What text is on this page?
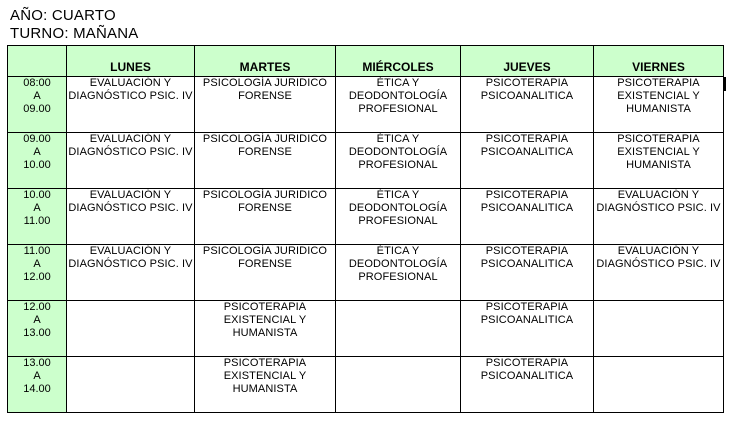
AÑO: CUARTO
TURNO: MAÑANA
	LUNES	MARTES	MIÉRCOLES	JUEVES	VIERNES
08:00
A
09.00	EVALUACIÓN Y DIAGNÓSTICO PSIC. IV	PSICOLOGÍA JURIDICO FORENSE	ÉTICA Y DEODONTOLOGÍA PROFESIONAL	PSICOTERAPIA PSICOANALITICA	PSICOTERAPIA EXISTENCIAL Y HUMANISTA
09.00
A
10.00	EVALUACIÓN Y DIAGNÓSTICO PSIC. IV	PSICOLOGÍA JURIDICO FORENSE	ÉTICA Y DEODONTOLOGÍA PROFESIONAL	PSICOTERAPIA PSICOANALITICA	PSICOTERAPIA EXISTENCIAL Y HUMANISTA
10.00
A
11.00	EVALUACIÓN Y DIAGNÓSTICO PSIC. IV	PSICOLOGÍA JURIDICO FORENSE	ÉTICA Y DEODONTOLOGÍA PROFESIONAL	PSICOTERAPIA PSICOANALITICA	EVALUACIÓN Y DIAGNÓSTICO PSIC. IV
11.00
A
12.00	EVALUACIÓN Y DIAGNÓSTICO PSIC. IV	PSICOLOGÍA JURIDICO FORENSE	ÉTICA Y DEODONTOLOGÍA PROFESIONAL	PSICOTERAPIA PSICOANALITICA	EVALUACIÓN Y DIAGNÓSTICO PSIC. IV
12.00
A
13.00		PSICOTERAPIA EXISTENCIAL Y HUMANISTA		PSICOTERAPIA PSICOANALITICA	
13.00
A
14.00		PSICOTERAPIA EXISTENCIAL Y HUMANISTA		PSICOTERAPIA PSICOANALITICA	
